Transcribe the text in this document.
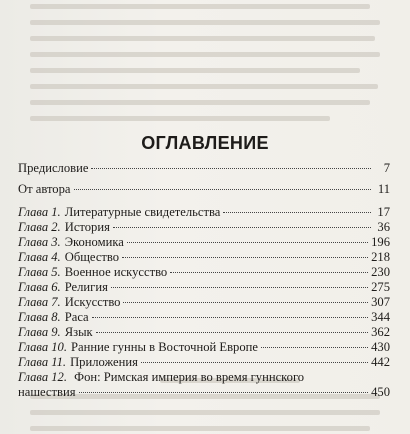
ОГЛАВЛЕНИЕ
Предисловие	7
От автора	11
Глава 1. Литературные свидетельства	17
Глава 2. История	36
Глава 3. Экономика	196
Глава 4. Общество	218
Глава 5. Военное искусство	230
Глава 6. Религия	275
Глава 7. Искусство	307
Глава 8. Раса	344
Глава 9. Язык	362
Глава 10. Ранние гунны в Восточной Европе	430
Глава 11. Приложения	442
Глава 12. Фон: Римская империя во время гуннского
нашествия	450
